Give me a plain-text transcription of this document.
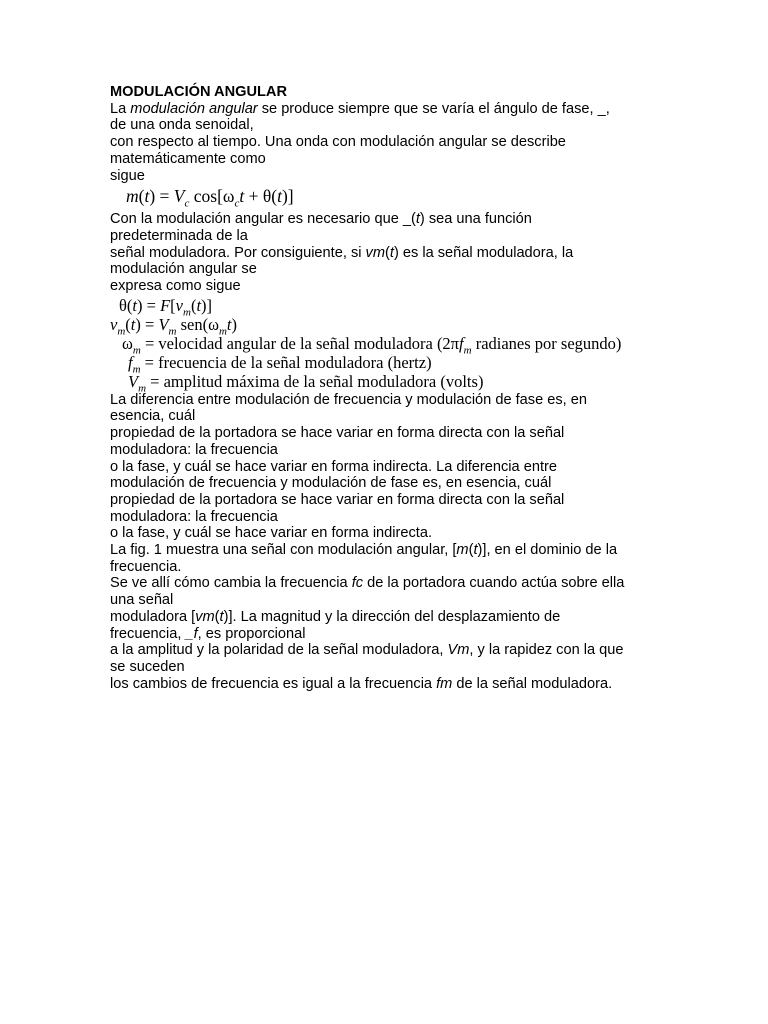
MODULACIÓN ANGULAR
La modulación angular se produce siempre que se varía el ángulo de fase, _,
de una onda senoidal,
con respecto al tiempo. Una onda con modulación angular se describe
matemáticamente como
sigue
$m(t) = V_c$ $\cos[\omega_ct + \theta(t)]$
Con la modulación angular es necesario que _(t) sea una función
predeterminada de la
señal moduladora. Por consiguiente, si vm(t) es la señal moduladora, la
modulación angular se
expresa como sigue
$\theta(t) = F[v_m(t)]$
$v_m(t) = V_m$ $sen(\omega_mt)$
$\omega_m$ = velocidad angular de la señal moduladora ($2\pi f_m$ radianes por segundo)
$f_m$ = frecuencia de la señal moduladora (hertz)
$V_m$ = amplitud máxima de la señal moduladora (volts)
La diferencia entre modulación de frecuencia y modulación de fase es, en
esencia, cuál
propiedad de la portadora se hace variar en forma directa con la señal
moduladora: la frecuencia
o la fase, y cuál se hace variar en forma indirecta. La diferencia entre
modulación de frecuencia y modulación de fase es, en esencia, cuál
propiedad de la portadora se hace variar en forma directa con la señal
moduladora: la frecuencia
o la fase, y cuál se hace variar en forma indirecta.
La fig. 1 muestra una señal con modulación angular, [m(t)], en el dominio de la
frecuencia.
Se ve allí cómo cambia la frecuencia fc de la portadora cuando actúa sobre ella
una señal
moduladora [vm(t)]. La magnitud y la dirección del desplazamiento de
frecuencia, _f, es proporcional
a la amplitud y la polaridad de la señal moduladora, Vm, y la rapidez con la que
se suceden
los cambios de frecuencia es igual a la frecuencia fm de la señal moduladora.
